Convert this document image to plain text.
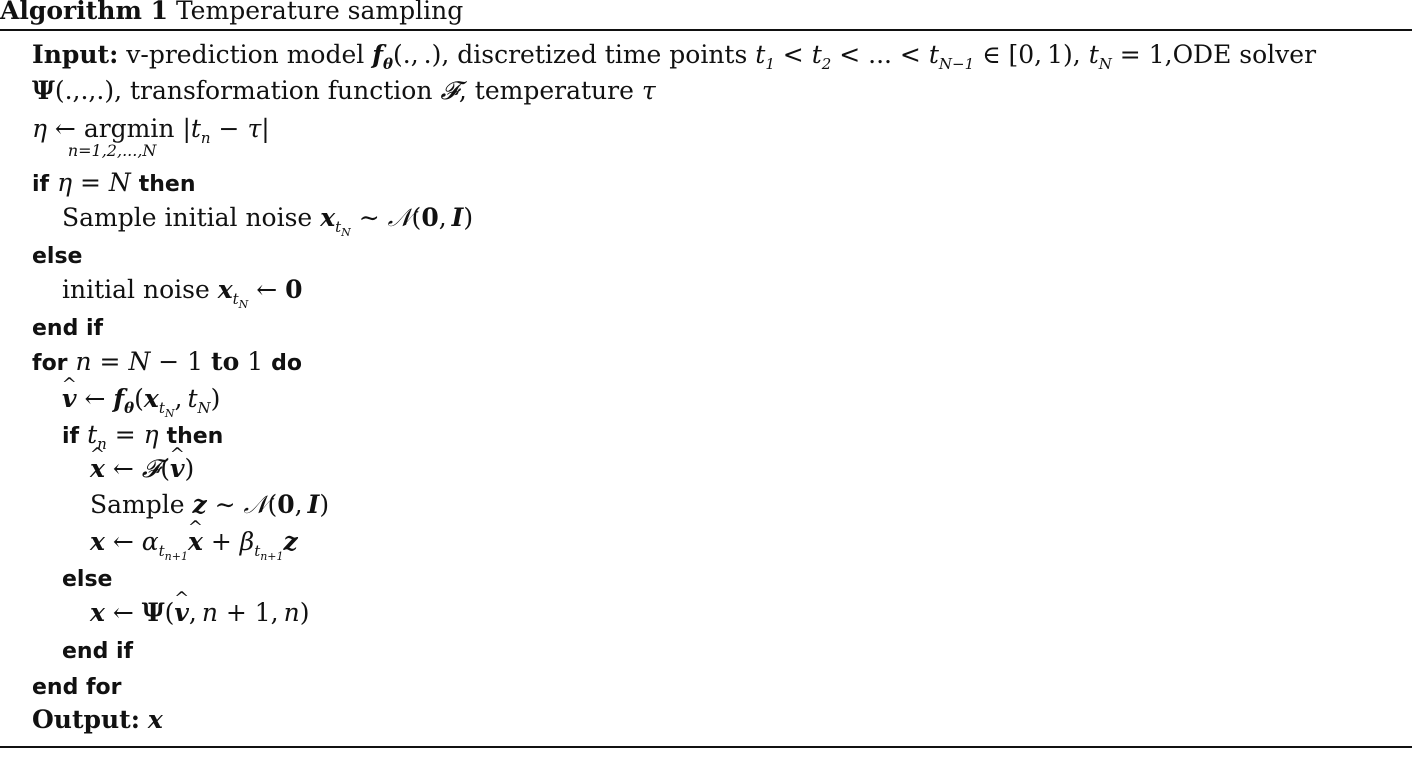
Algorithm 1 Temperature sampling
Input: v-prediction model $f_\theta$(., .), discretized time points $t_1 < t_2$ < ... < $t_{N-1}$ ∈ [0, 1), $t_N = 1,ODE$ solver
Ψ(.,.,.), transformation function 𝓕, temperature τ
η ← argmin
n=1,2,...,N
$|t_n - \tau|$
if η = N then
Sample initial noise $x_{t_N}$ ∼ 𝒩(0, I)
else
initial noise $x_{t_N}$ ← 0
end if
for n = N − 1 to 1 do
^ v ← $f_\theta(x_{t_N}$, $t_N$)
if $t_n = \eta$ then
^ x ← 𝓕(^ v)
Sample z ∼ 𝒩(0, I)
x ← $\alpha_{t_{n+1}}\^{}$ $x + \beta_{t_{n+1}}z$
else
x ← Ψ(^ v, n + 1, n)
end if
end for
Output: x
